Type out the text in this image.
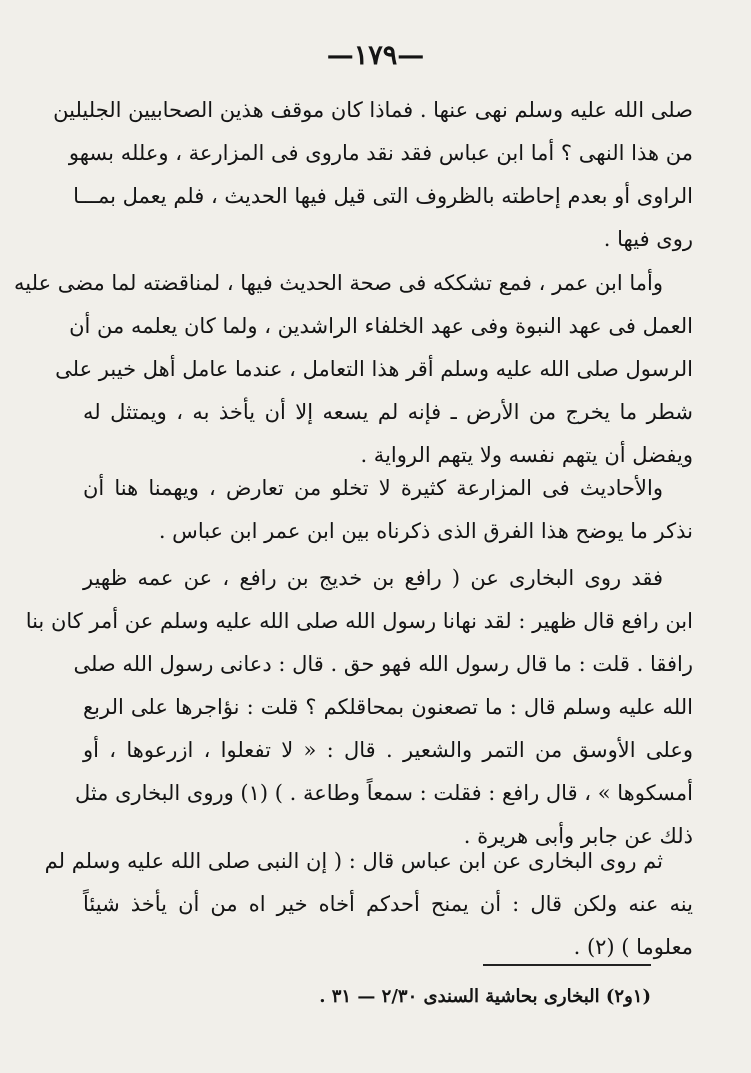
—١٧٩—
صلى الله عليه وسلم نهى عنها . فماذا كان موقف هذين الصحابيين الجليلين
من هذا النهى ؟ أما ابن عباس فقد نقد ماروى فى المزارعة ، وعلله بسهو
الراوى أو بعدم إحاطته بالظروف التى قيل فيها الحديث ، فلم يعمل بمـــا
روى فيها .
وأما ابن عمر ، فمع تشككه فى صحة الحديث فيها ، لمناقضته لما مضى عليه
العمل فى عهد النبوة وفى عهد الخلفاء الراشدين ، ولما كان يعلمه من أن
الرسول صلى الله عليه وسلم أقر هذا التعامل ، عندما عامل أهل خيبر على
شطر ما يخرج من الأرض ـ فإنه لم يسعه إلا أن يأخذ به ، ويمتثل له
ويفضل أن يتهم نفسه ولا يتهم الرواية .
والأحاديث فى المزارعة كثيرة لا تخلو من تعارض ، ويهمنا هنا أن
نذكر ما يوضح هذا الفرق الذى ذكرناه بين ابن عمر ابن عباس .
فقد روى البخارى عن ( رافع بن خديج بن رافع ، عن عمه ظهير
ابن رافع قال ظهير : لقد نهانا رسول الله صلى الله عليه وسلم عن أمر كان بنا
رافقا . قلت : ما قال رسول الله فهو حق . قال : دعانى رسول الله صلى
الله عليه وسلم قال : ما تصعنون بمحاقلكم ؟ قلت : نؤاجرها على الربع
وعلى الأوسق من التمر والشعير . قال : « لا تفعلوا ، ازرعوها ، أو
أمسكوها » ، قال رافع : فقلت : سمعاً وطاعة . ) (١) وروى البخارى مثل
ذلك عن جابر وأبى هريرة .
ثم روى البخارى عن ابن عباس قال : ( إن النبى صلى الله عليه وسلم لم
ينه عنه ولكن قال : أن يمنح أحدكم أخاه خير اه من أن يأخذ شيئاً
معلوما ) (٢) .
(١و٢) البخارى بحاشية السندى ٢/٣٠ — ٣١ .
